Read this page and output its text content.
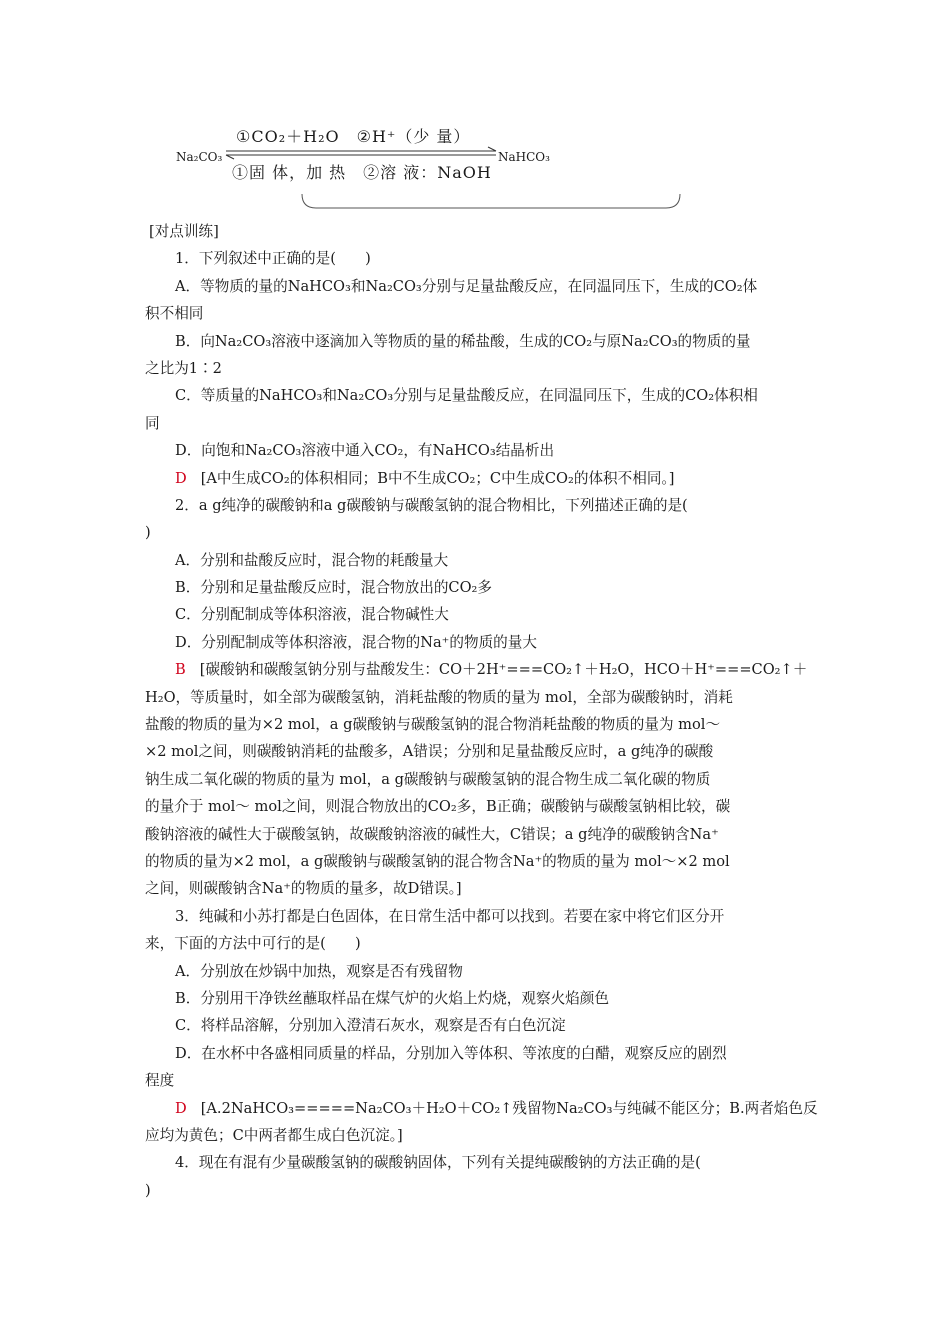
Na₂CO₃	NaHCO₃
①CO₂＋H₂O　②H⁺（少 量）
①固 体，加 热　②溶 液：NaOH
[对点训练]
1．下列叙述中正确的是(　　)
A．等物质的量的NaHCO₃和Na₂CO₃分别与足量盐酸反应，在同温同压下，生成的CO₂体
积不相同
B．向Na₂CO₃溶液中逐滴加入等物质的量的稀盐酸，生成的CO₂与原Na₂CO₃的物质的量
之比为1∶2
C．等质量的NaHCO₃和Na₂CO₃分别与足量盐酸反应，在同温同压下，生成的CO₂体积相
同
D．向饱和Na₂CO₃溶液中通入CO₂，有NaHCO₃结晶析出
D [A中生成CO₂的体积相同；B中不生成CO₂；C中生成CO₂的体积不相同。]
2．a g纯净的碳酸钠和a g碳酸钠与碳酸氢钠的混合物相比，下列描述正确的是(
)
A．分别和盐酸反应时，混合物的耗酸量大
B．分别和足量盐酸反应时，混合物放出的CO₂多
C．分别配制成等体积溶液，混合物碱性大
D．分别配制成等体积溶液，混合物的Na⁺的物质的量大
B [碳酸钠和碳酸氢钠分别与盐酸发生：CO＋2H⁺===CO₂↑＋H₂O，HCO＋H⁺===CO₂↑＋
H₂O，等质量时，如全部为碳酸氢钠，消耗盐酸的物质的量为 mol，全部为碳酸钠时，消耗
盐酸的物质的量为×2 mol，a g碳酸钠与碳酸氢钠的混合物消耗盐酸的物质的量为 mol～
×2 mol之间，则碳酸钠消耗的盐酸多，A错误；分别和足量盐酸反应时，a g纯净的碳酸
钠生成二氧化碳的物质的量为 mol，a g碳酸钠与碳酸氢钠的混合物生成二氧化碳的物质
的量介于 mol～ mol之间，则混合物放出的CO₂多，B正确；碳酸钠与碳酸氢钠相比较，碳
酸钠溶液的碱性大于碳酸氢钠，故碳酸钠溶液的碱性大，C错误；a g纯净的碳酸钠含Na⁺
的物质的量为×2 mol，a g碳酸钠与碳酸氢钠的混合物含Na⁺的物质的量为 mol～×2 mol
之间，则碳酸钠含Na⁺的物质的量多，故D错误。]
3．纯碱和小苏打都是白色固体，在日常生活中都可以找到。若要在家中将它们区分开
来，下面的方法中可行的是(　　)
A．分别放在炒锅中加热，观察是否有残留物
B．分别用干净铁丝蘸取样品在煤气炉的火焰上灼烧，观察火焰颜色
C．将样品溶解，分别加入澄清石灰水，观察是否有白色沉淀
D．在水杯中各盛相同质量的样品，分别加入等体积、等浓度的白醋，观察反应的剧烈
程度
D [A.2NaHCO₃=====Na₂CO₃＋H₂O＋CO₂↑残留物Na₂CO₃与纯碱不能区分；B.两者焰色反
应均为黄色；C中两者都生成白色沉淀。]
4．现在有混有少量碳酸氢钠的碳酸钠固体，下列有关提纯碳酸钠的方法正确的是(
)
